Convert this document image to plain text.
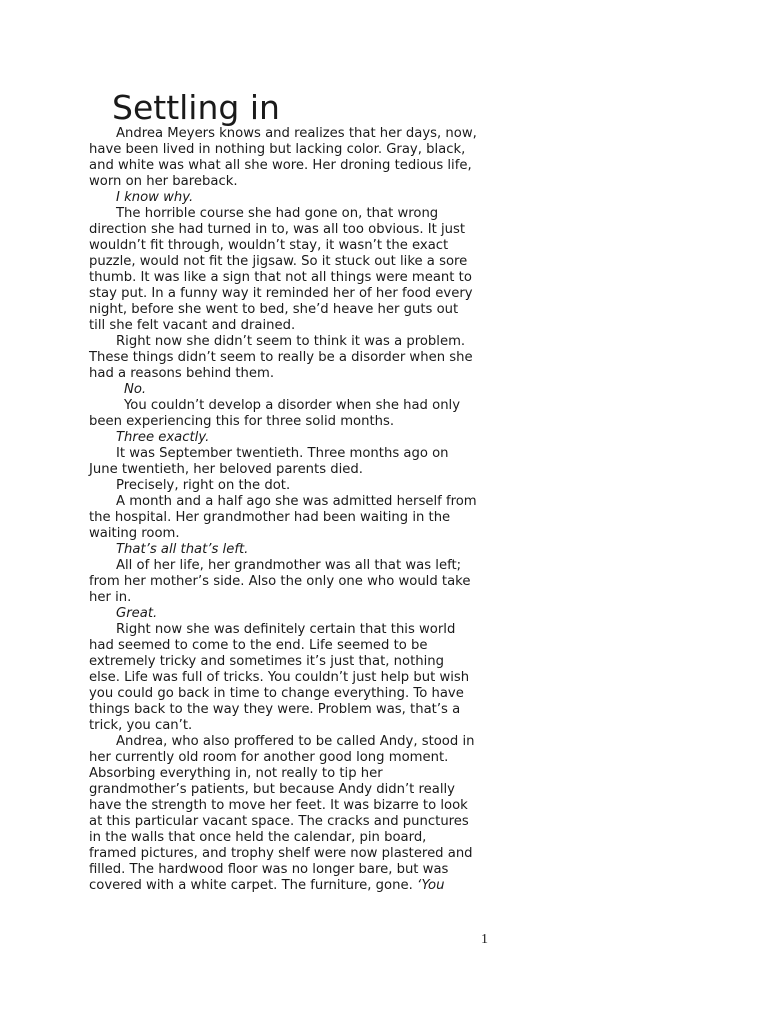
Settling in
Andrea Meyers knows and realizes that her days, now,
have been lived in nothing but lacking color. Gray, black,
and white was what all she wore. Her droning tedious life,
worn on her bareback.
I know why.
The horrible course she had gone on, that wrong
direction she had turned in to, was all too obvious. It just
wouldn’t fit through, wouldn’t stay, it wasn’t the exact
puzzle, would not fit the jigsaw. So it stuck out like a sore
thumb. It was like a sign that not all things were meant to
stay put. In a funny way it reminded her of her food every
night, before she went to bed, she’d heave her guts out
till she felt vacant and drained.
Right now she didn’t seem to think it was a problem.
These things didn’t seem to really be a disorder when she
had a reasons behind them.
No.
You couldn’t develop a disorder when she had only
been experiencing this for three solid months.
Three exactly.
It was September twentieth. Three months ago on
June twentieth, her beloved parents died.
Precisely, right on the dot.
A month and a half ago she was admitted herself from
the hospital. Her grandmother had been waiting in the
waiting room.
That’s all that’s left.
All of her life, her grandmother was all that was left;
from her mother’s side. Also the only one who would take
her in.
Great.
Right now she was definitely certain that this world
had seemed to come to the end. Life seemed to be
extremely tricky and sometimes it’s just that, nothing
else. Life was full of tricks. You couldn’t just help but wish
you could go back in time to change everything. To have
things back to the way they were. Problem was, that’s a
trick, you can’t.
Andrea, who also proffered to be called Andy, stood in
her currently old room for another good long moment.
Absorbing everything in, not really to tip her
grandmother’s patients, but because Andy didn’t really
have the strength to move her feet. It was bizarre to look
at this particular vacant space. The cracks and punctures
in the walls that once held the calendar, pin board,
framed pictures, and trophy shelf were now plastered and
filled. The hardwood floor was no longer bare, but was
covered with a white carpet. The furniture, gone. ‘You
1
